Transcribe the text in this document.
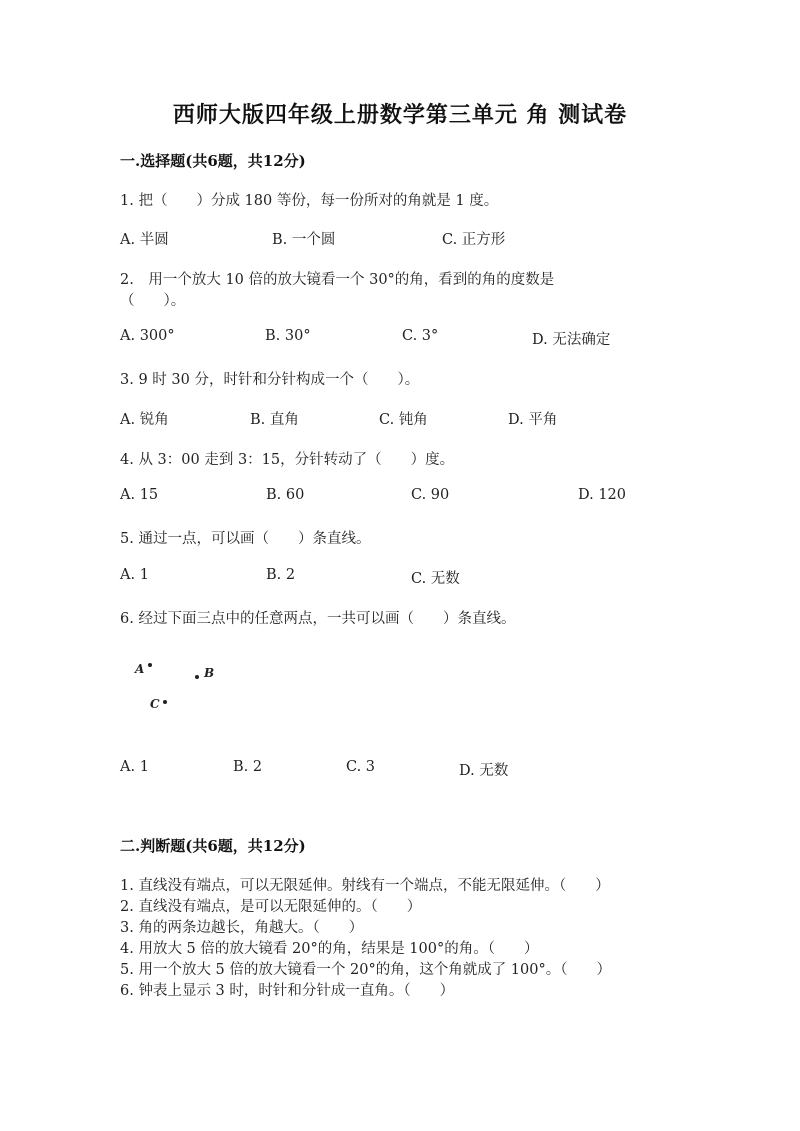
西师大版四年级上册数学第三单元 角 测试卷
一.选择题(共6题，共12分)
1. 把（　　）分成 180 等份，每一份所对的角就是 1 度。
A. 半圆	B. 一个圆	C. 正方形
2.　用一个放大 10 倍的放大镜看一个 30°的角，看到的角的度数是
（　　）。
A. 300°	B. 30°	C. 3°	D. 无法确定
3. 9 时 30 分，时针和分针构成一个（　　）。
A. 锐角	B. 直角	C. 钝角	D. 平角
4. 从 3：00 走到 3：15，分针转动了（　　）度。
A. 15	B. 60	C. 90	D. 120
5. 通过一点，可以画（　　）条直线。
A. 1	B. 2	C. 无数
6. 经过下面三点中的任意两点，一共可以画（　　）条直线。
A	B
C
A. 1	B. 2	C. 3	D. 无数
二.判断题(共6题，共12分)
1. 直线没有端点，可以无限延伸。射线有一个端点，不能无限延伸。（　　）
2. 直线没有端点，是可以无限延伸的。（　　）
3. 角的两条边越长，角越大。（　　）
4. 用放大 5 倍的放大镜看 20°的角，结果是 100°的角。（　　）
5. 用一个放大 5 倍的放大镜看一个 20°的角，这个角就成了 100°。（　　）
6. 钟表上显示 3 时，时针和分针成一直角。（　　）
